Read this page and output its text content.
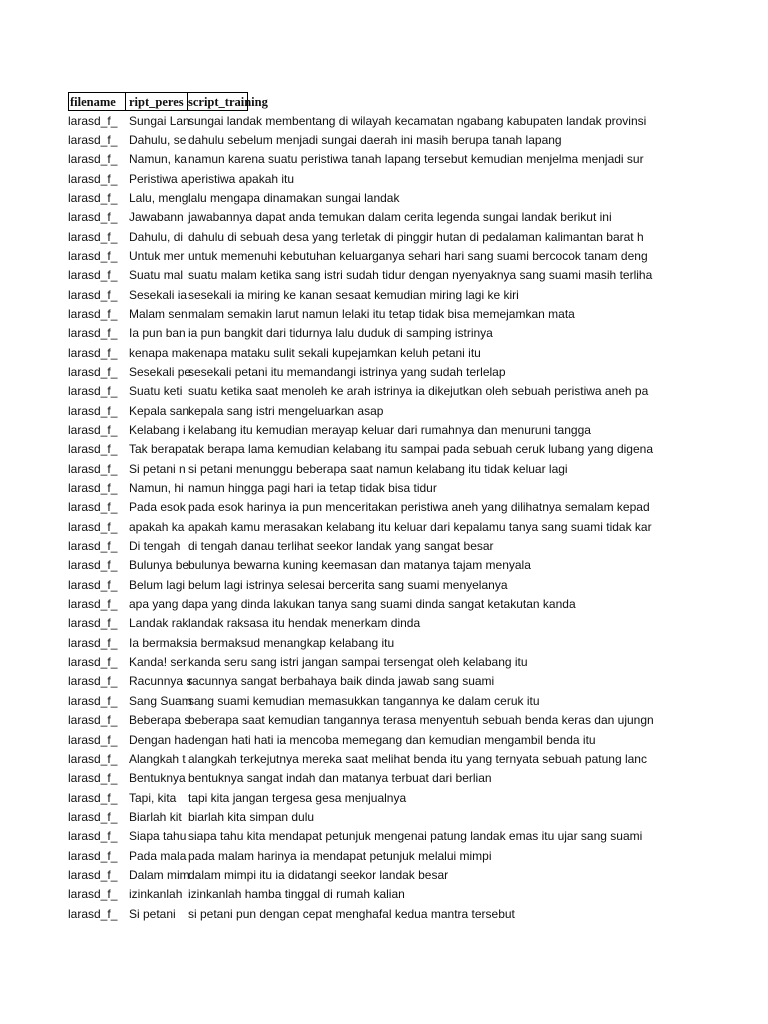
filename	ript_peres script_training
larasd_f_ Sungai Lan
sungai landak membentang di wilayah kecamatan ngabang kabupaten landak provinsi
larasd_f_ Dahulu, se dahulu sebelum menjadi sungai daerah ini masih berupa tanah lapang
larasd_f_ Namun, ka namun karena suatu peristiwa tanah lapang tersebut kemudian menjelma menjadi sur
larasd_f_ Peristiwa a peristiwa apakah itu
larasd_f_ Lalu, meng lalu mengapa dinamakan sungai landak
larasd_f_ Jawabann jawabannya dapat anda temukan dalam cerita legenda sungai landak berikut ini
larasd_f_ Dahulu, di dahulu di sebuah desa yang terletak di pinggir hutan di pedalaman kalimantan barat h
larasd_f_ Untuk mer untuk memenuhi kebutuhan keluarganya sehari hari sang suami bercocok tanam deng
larasd_f_ Suatu mal suatu malam ketika sang istri sudah tidur dengan nyenyaknya sang suami masih terliha
larasd_f_ Sesekali ia sesekali ia miring ke kanan sesaat kemudian miring lagi ke kiri
larasd_f_ Malam sen malam semakin larut namun lelaki itu tetap tidak bisa memejamkan mata
larasd_f_ Ia pun ban ia pun bangkit dari tidurnya lalu duduk di samping istrinya
larasd_f_ kenapa ma kenapa mataku sulit sekali kupejamkan keluh petani itu
larasd_f_ Sesekali pe
sesekali petani itu memandangi istrinya yang sudah terlelap
larasd_f_ Suatu keti suatu ketika saat menoleh ke arah istrinya ia dikejutkan oleh sebuah peristiwa aneh pa
larasd_f_ Kepala san
kepala sang istri mengeluarkan asap
larasd_f_ Kelabang i kelabang itu kemudian merayap keluar dari rumahnya dan menuruni tangga
larasd_f_ Tak berapa tak berapa lama kemudian kelabang itu sampai pada sebuah ceruk lubang yang digena
larasd_f_ Si petani n si petani menunggu beberapa saat namun kelabang itu tidak keluar lagi
larasd_f_ Namun, hi namun hingga pagi hari ia tetap tidak bisa tidur
larasd_f_ Pada esok pada esok harinya ia pun menceritakan peristiwa aneh yang dilihatnya semalam kepad
larasd_f_ apakah ka apakah kamu merasakan kelabang itu keluar dari kepalamu tanya sang suami tidak kar
larasd_f_ Di tengah di tengah danau terlihat seekor landak yang sangat besar
larasd_f_ Bulunya be
bulunya bewarna kuning keemasan dan matanya tajam menyala
larasd_f_ Belum lagi belum lagi istrinya selesai bercerita sang suami menyelanya
larasd_f_ apa yang d apa yang dinda lakukan tanya sang suami dinda sangat ketakutan kanda
larasd_f_ Landak rak landak raksasa itu hendak menerkam dinda
larasd_f_ Ia bermaks ia bermaksud menangkap kelabang itu
larasd_f_ Kanda! ser kanda seru sang istri jangan sampai tersengat oleh kelabang itu
larasd_f_ Racunnya s
racunnya sangat berbahaya baik dinda jawab sang suami
larasd_f_ Sang Suam
sang suami kemudian memasukkan tangannya ke dalam ceruk itu
larasd_f_ Beberapa s
beberapa saat kemudian tangannya terasa menyentuh sebuah benda keras dan ujungn
larasd_f_ Dengan ha dengan hati hati ia mencoba memegang dan kemudian mengambil benda itu
larasd_f_ Alangkah t alangkah terkejutnya mereka saat melihat benda itu yang ternyata sebuah patung lanc
larasd_f_ Bentuknya bentuknya sangat indah dan matanya terbuat dari berlian
larasd_f_ Tapi, kita tapi kita jangan tergesa gesa menjualnya
larasd_f_ Biarlah kit biarlah kita simpan dulu
larasd_f_ Siapa tahu siapa tahu kita mendapat petunjuk mengenai patung landak emas itu ujar sang suami
larasd_f_ Pada mala pada malam harinya ia mendapat petunjuk melalui mimpi
larasd_f_ Dalam mim
dalam mimpi itu ia didatangi seekor landak besar
larasd_f_ izinkanlah izinkanlah hamba tinggal di rumah kalian
larasd_f_ Si petani	si petani pun dengan cepat menghafal kedua mantra tersebut
